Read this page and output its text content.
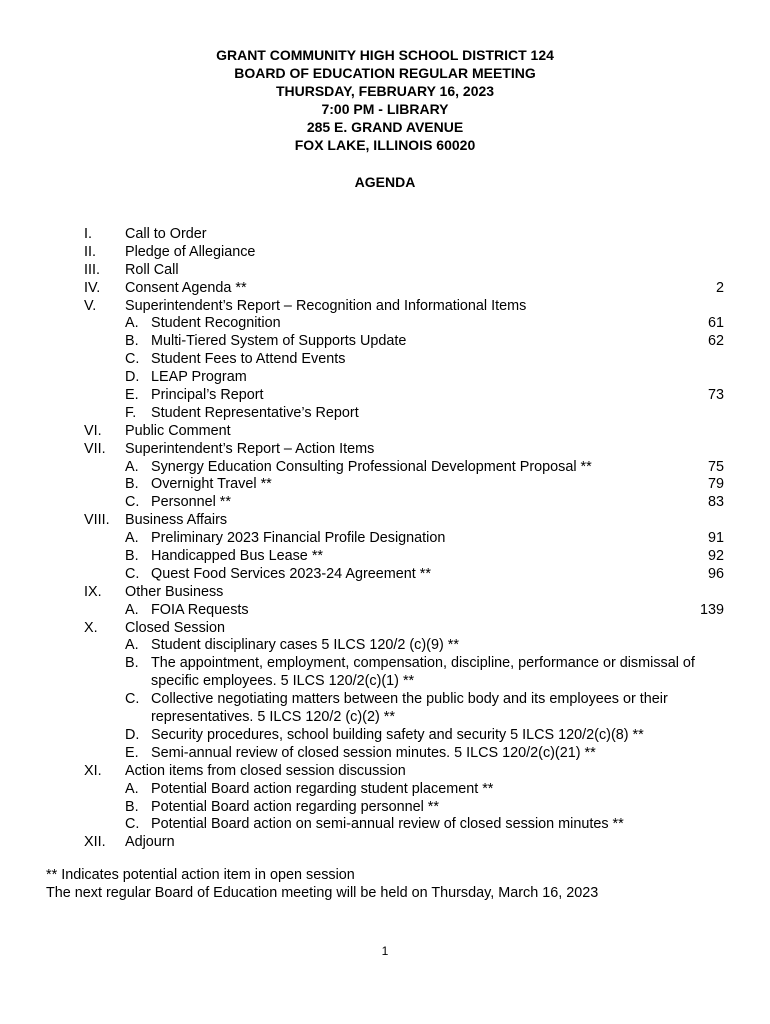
GRANT COMMUNITY HIGH SCHOOL DISTRICT 124
BOARD OF EDUCATION REGULAR MEETING
THURSDAY, FEBRUARY 16, 2023
7:00 PM - LIBRARY
285 E. GRAND AVENUE
FOX LAKE, ILLINOIS 60020
AGENDA
I. Call to Order
II. Pledge of Allegiance
III. Roll Call
IV. Consent Agenda **	2
V. Superintendent’s Report – Recognition and Informational Items
A. Student Recognition	61
B. Multi-Tiered System of Supports Update	62
C. Student Fees to Attend Events
D. LEAP Program
E. Principal’s Report	73
F. Student Representative’s Report
VI. Public Comment
VII. Superintendent’s Report – Action Items
A. Synergy Education Consulting Professional Development Proposal **	75
B. Overnight Travel **	79
C. Personnel **	83
VIII. Business Affairs
A. Preliminary 2023 Financial Profile Designation	91
B. Handicapped Bus Lease **	92
C. Quest Food Services 2023-24 Agreement **	96
IX. Other Business
A. FOIA Requests	139
X. Closed Session
A. Student disciplinary cases 5 ILCS 120/2 (c)(9) **
B. The appointment, employment, compensation, discipline, performance or dismissal of
specific employees. 5 ILCS 120/2(c)(1) **
C. Collective negotiating matters between the public body and its employees or their
representatives. 5 ILCS 120/2 (c)(2) **
D. Security procedures, school building safety and security 5 ILCS 120/2(c)(8) **
E. Semi-annual review of closed session minutes. 5 ILCS 120/2(c)(21) **
XI. Action items from closed session discussion
A. Potential Board action regarding student placement **
B. Potential Board action regarding personnel **
C. Potential Board action on semi-annual review of closed session minutes **
XII. Adjourn
** Indicates potential action item in open session
The next regular Board of Education meeting will be held on Thursday, March 16, 2023
1
